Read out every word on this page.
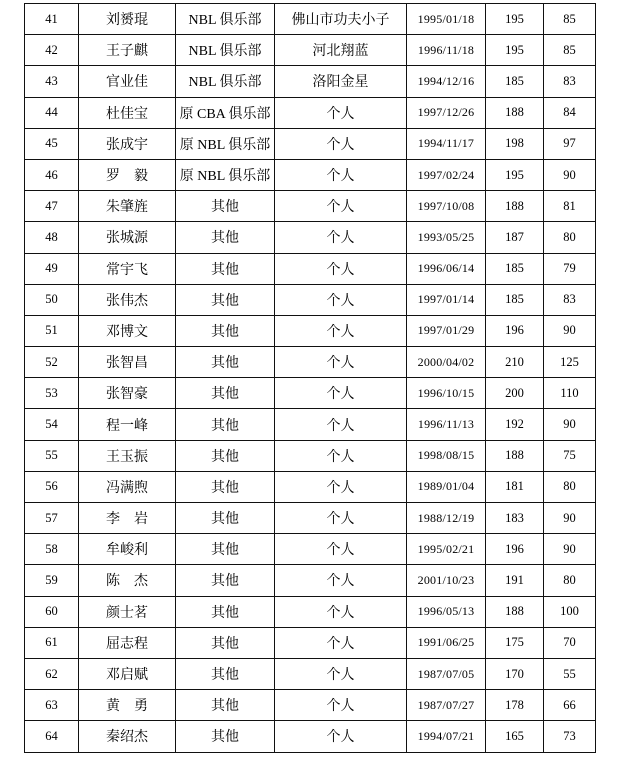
41	刘赟琨	NBL 俱乐部	佛山市功夫小子	1995/01/18	195	85
42	王子麒	NBL 俱乐部	河北翔蓝	1996/11/18	195	85
43	官业佳	NBL 俱乐部	洛阳金星	1994/12/16	185	83
44	杜佳宝	原 CBA 俱乐部	个人	1997/12/26	188	84
45	张成宇	原 NBL 俱乐部	个人	1994/11/17	198	97
46	罗　毅	原 NBL 俱乐部	个人	1997/02/24	195	90
47	朱肇旌	其他	个人	1997/10/08	188	81
48	张城源	其他	个人	1993/05/25	187	80
49	常宇飞	其他	个人	1996/06/14	185	79
50	张伟杰	其他	个人	1997/01/14	185	83
51	邓博文	其他	个人	1997/01/29	196	90
52	张智昌	其他	个人	2000/04/02	210	125
53	张智豪	其他	个人	1996/10/15	200	110
54	程一峰	其他	个人	1996/11/13	192	90
55	王玉振	其他	个人	1998/08/15	188	75
56	冯满煦	其他	个人	1989/01/04	181	80
57	李　岩	其他	个人	1988/12/19	183	90
58	牟峻利	其他	个人	1995/02/21	196	90
59	陈　杰	其他	个人	2001/10/23	191	80
60	颜士茗	其他	个人	1996/05/13	188	100
61	屈志程	其他	个人	1991/06/25	175	70
62	邓启赋	其他	个人	1987/07/05	170	55
63	黄　勇	其他	个人	1987/07/27	178	66
64	秦绍杰	其他	个人	1994/07/21	165	73
